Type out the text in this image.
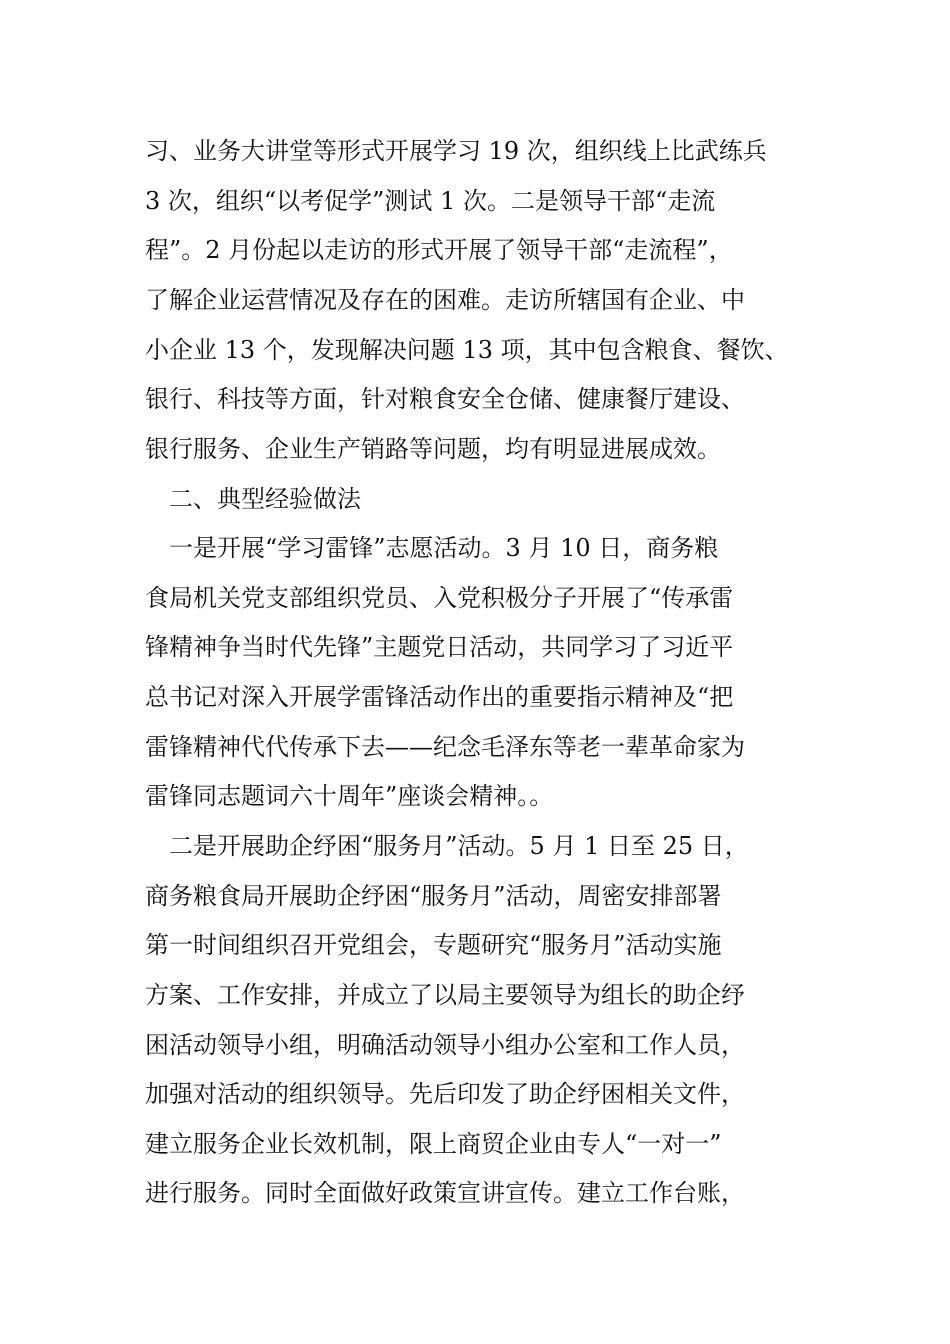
习、业务大讲堂等形式开展学习 19 次，组织线上比武练兵
3 次，组织“以考促学”测试 1 次。二是领导干部“走流
程”。2 月份起以走访的形式开展了领导干部“走流程”，
了解企业运营情况及存在的困难。走访所辖国有企业、中
小企业 13 个，发现解决问题 13 项，其中包含粮食、餐饮、
银行、科技等方面，针对粮食安全仓储、健康餐厅建设、
银行服务、企业生产销路等问题，均有明显进展成效。
　二、典型经验做法
　一是开展“学习雷锋”志愿活动。3 月 10 日，商务粮
食局机关党支部组织党员、入党积极分子开展了“传承雷
锋精神争当时代先锋”主题党日活动，共同学习了习近平
总书记对深入开展学雷锋活动作出的重要指示精神及“把
雷锋精神代代传承下去——纪念毛泽东等老一辈革命家为
雷锋同志题词六十周年”座谈会精神。。
　二是开展助企纾困“服务月”活动。5 月 1 日至 25 日，
商务粮食局开展助企纾困“服务月”活动，周密安排部署
第一时间组织召开党组会，专题研究“服务月”活动实施
方案、工作安排，并成立了以局主要领导为组长的助企纾
困活动领导小组，明确活动领导小组办公室和工作人员，
加强对活动的组织领导。先后印发了助企纾困相关文件，
建立服务企业长效机制，限上商贸企业由专人“一对一”
进行服务。同时全面做好政策宣讲宣传。建立工作台账，
